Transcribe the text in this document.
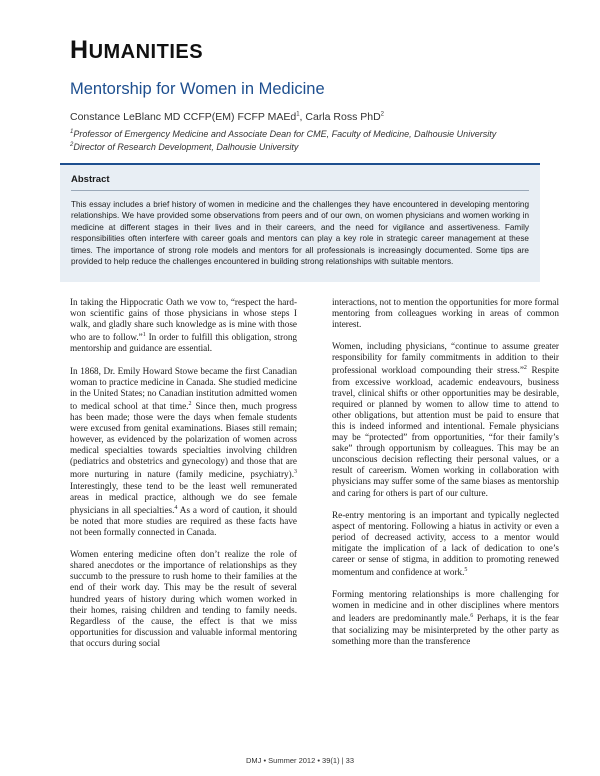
HUMANITIES
Mentorship for Women in Medicine
Constance LeBlanc MD CCFP(EM) FCFP MAEd$^1$, Carla Ross PhD$^2$
$^1$Professor of Emergency Medicine and Associate Dean for CME, Faculty of Medicine, Dalhousie University
$^2$Director of Research Development, Dalhousie University
Abstract

This essay includes a brief history of women in medicine and the challenges they have encountered in developing mentoring relationships. We have provided some observations from peers and of our own, on women physicians and women working in medicine at different stages in their lives and in their careers, and the need for vigilance and assertiveness. Family responsibilities often interfere with career goals and mentors can play a key role in strategic career management at these times. The importance of strong role models and mentors for all professionals is increasingly documented. Some tips are provided to help reduce the challenges encountered in building strong relationships with suitable mentors.

In taking the Hippocratic Oath we vow to, “respect the hard-won scientific gains of those physicians in whose steps I walk, and gladly share such knowledge as is mine with those who are to follow.”$^1$ In order to fulfill this obligation, strong mentorship and guidance are essential.

In 1868, Dr. Emily Howard Stowe became the first Canadian woman to practice medicine in Canada. She studied medicine in the United States; no Canadian institution admitted women to medical school at that time.$^2$ Since then, much progress has been made; those were the days when female students were excused from genital examinations. Biases still remain; however, as evidenced by the polarization of women across medical specialties towards specialties involving children (pediatrics and obstetrics and gynecology) and those that are more nurturing in nature (family medicine, psychiatry).$^3$ Interestingly, these tend to be the least well remunerated areas in medical practice, although we do see female physicians in all specialties.$^4$ As a word of caution, it should be noted that more studies are required as these facts have not been formally connected in Canada.

Women entering medicine often don’t realize the role of shared anecdotes or the importance of relationships as they succumb to the pressure to rush home to their families at the end of their work day. This may be the result of several hundred years of history during which women worked in their homes, raising children and tending to family needs. Regardless of the cause, the effect is that we miss opportunities for discussion and valuable informal mentoring that occurs during social

interactions, not to mention the opportunities for more formal mentoring from colleagues working in areas of common interest.

Women, including physicians, “continue to assume greater responsibility for family commitments in addition to their professional workload compounding their stress.”$^2$ Respite from excessive workload, academic endeavours, business travel, clinical shifts or other opportunities may be desirable, required or planned by women to allow time to attend to other obligations, but attention must be paid to ensure that this is indeed informed and intentional. Female physicians may be “protected” from opportunities, “for their family’s sake” through opportunism by colleagues. This may be an unconscious decision reflecting their personal values, or a result of careerism. Women working in collaboration with physicians may suffer some of the same biases as mentorship and caring for others is part of our culture.

Re-entry mentoring is an important and typically neglected aspect of mentoring. Following a hiatus in activity or even a period of decreased activity, access to a mentor would mitigate the implication of a lack of dedication to one’s career or sense of stigma, in addition to promoting renewed momentum and confidence at work.$^5$

Forming mentoring relationships is more challenging for women in medicine and in other disciplines where mentors and leaders are predominantly male.$^6$ Perhaps, it is the fear that socializing may be misinterpreted by the other party as something more than the transference

DMJ • Summer 2012 • 39(1) | 33
